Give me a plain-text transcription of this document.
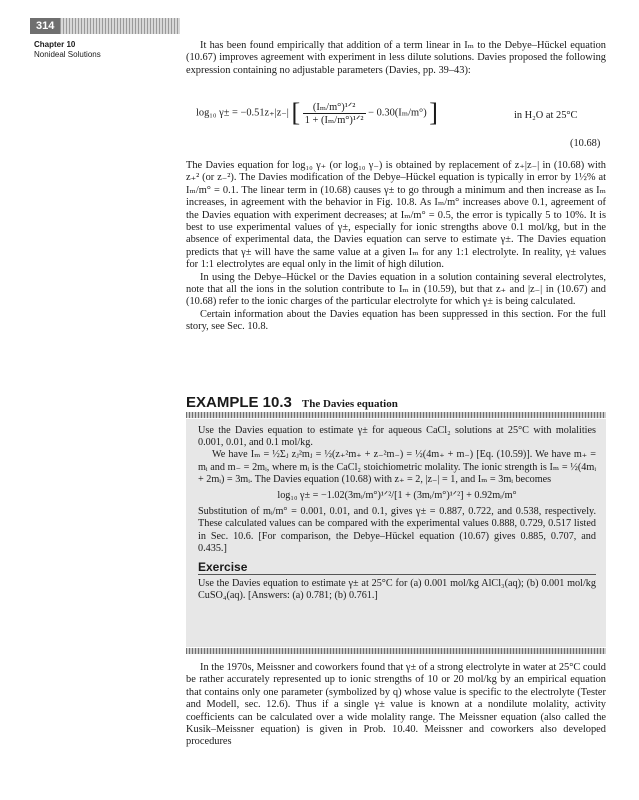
314
Chapter 10
Nonideal Solutions

It has been found empirically that addition of a term linear in Iₘ to the Debye–Hückel equation (10.67) improves agreement with experiment in less dilute solutions. Davies proposed the following expression containing no adjustable parameters (Davies, pp. 39–43):

log₁₀ γ± = −0.51z₊|z₋| [ $\frac{\text{(Iₘ/m°)¹ᐟ²}}{\text{1 + (Iₘ/m°)¹ᐟ²}} - 0.30(I_m/m^\circ)$ ]	in H₂O at 25°C
(10.68)

The Davies equation for log₁₀ γ₊ (or log₁₀ γ₋) is obtained by replacement of z₊|z₋| in (10.68) with z₊² (or z₋²). The Davies modification of the Debye–Hückel equation is typically in error by 1½% at Iₘ/m° = 0.1. The linear term in (10.68) causes γ± to go through a minimum and then increase as Iₘ increases, in agreement with the behavior in Fig. 10.8. As Iₘ/m° increases above 0.1, agreement of the Davies equation with experiment decreases; at Iₘ/m° = 0.5, the error is typically 5 to 10%. It is best to use experimental values of γ±, especially for ionic strengths above 0.1 mol/kg, but in the absence of experimental data, the Davies equation can serve to estimate γ±. The Davies equation predicts that γ± will have the same value at a given Iₘ for any 1:1 electrolyte. In reality, γ± values for 1:1 electrolytes are equal only in the limit of high dilution.

In using the Debye–Hückel or the Davies equation in a solution containing several electrolytes, note that all the ions in the solution contribute to Iₘ in (10.59), but that z₊ and |z₋| in (10.67) and (10.68) refer to the ionic charges of the particular electrolyte for which γ± is being calculated.

Certain information about the Davies equation has been suppressed in this section. For the full story, see Sec. 10.8.

EXAMPLE 10.3 The Davies equation

Use the Davies equation to estimate γ± for aqueous CaCl₂ solutions at 25°C with molalities 0.001, 0.01, and 0.1 mol/kg.

We have Iₘ = ½Σⱼ zⱼ²mⱼ = ½(z₊²m₊ + z₋²m₋) = ½(4m₊ + m₋) [Eq. (10.59)]. We have m₊ = mᵢ and m₋ = 2mᵢ, where mᵢ is the CaCl₂ stoichiometric molality. The ionic strength is Iₘ = ½(4mᵢ + 2mᵢ) = 3mᵢ. The Davies equation (10.68) with z₊ = 2, |z₋| = 1, and Iₘ = 3mᵢ becomes

log₁₀ γ± = −1.02(3mᵢ/m°)¹ᐟ²/[1 + (3mᵢ/m°)¹ᐟ²] + 0.92mᵢ/m°

Substitution of mᵢ/m° = 0.001, 0.01, and 0.1, gives γ± = 0.887, 0.722, and 0.538, respectively. These calculated values can be compared with the experimental values 0.888, 0.729, 0.517 listed in Sec. 10.6. [For comparison, the Debye–Hückel equation (10.67) gives 0.885, 0.707, and 0.435.]

Exercise

Use the Davies equation to estimate γ± at 25°C for (a) 0.001 mol/kg AlCl₃(aq); (b) 0.001 mol/kg CuSO₄(aq). [Answers: (a) 0.781; (b) 0.761.]

In the 1970s, Meissner and coworkers found that γ± of a strong electrolyte in water at 25°C could be rather accurately represented up to ionic strengths of 10 or 20 mol/kg by an empirical equation that contains only one parameter (symbolized by q) whose value is specific to the electrolyte (Tester and Modell, sec. 12.6). Thus if a single γ± value is known at a nondilute molality, activity coefficients can be calculated over a wide molality range. The Meissner equation (also called the Kusik–Meissner equation) is given in Prob. 10.40. Meissner and coworkers also developed procedures
